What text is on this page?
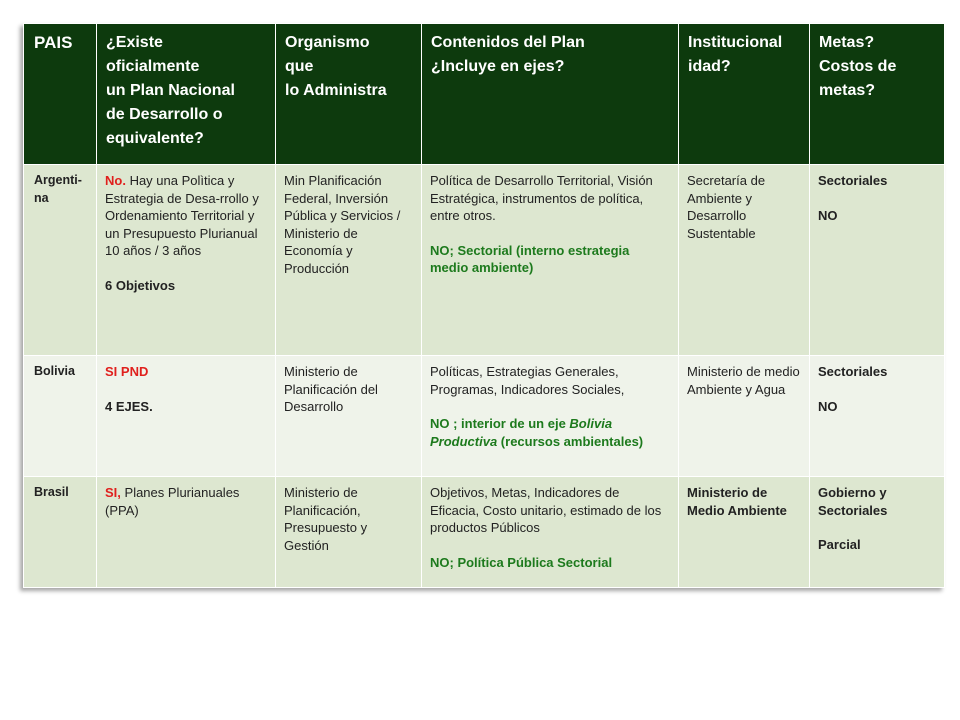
PAIS	¿Existe
oficialmente
un Plan Nacional
de Desarrollo o
equivalente?	Organismo
que
lo Administra	Contenidos del Plan
¿Incluye en ejes?	Institucional
idad?	Metas?
Costos de
metas?

Argenti-
na	No. Hay una Polìtica y Estrategia de Desa-rrollo y Ordenamiento Territorial y un Presupuesto Plurianual 10 años / 3 años
6 Objetivos	Min Planificación Federal, Inversión Pública y Servicios / Ministerio de Economía y Producción	Política de Desarrollo Territorial, Visión Estratégica, instrumentos de política, entre otros.
NO; Sectorial (interno estrategia medio ambiente)	Secretaría de Ambiente y Desarrollo Sustentable	Sectoriales
NO

Bolivia	SI PND
4 EJES.	Ministerio de Planificación del Desarrollo	Políticas, Estrategias Generales, Programas, Indicadores Sociales,
NO ; interior de un eje Bolivia Productiva (recursos ambientales)	Ministerio de medio Ambiente y Agua	Sectoriales
NO

Brasil	SI, Planes Plurianuales (PPA)	Ministerio de Planificación, Presupuesto y Gestión	Objetivos, Metas, Indicadores de Eficacia, Costo unitario, estimado de los productos Públicos
NO; Política Pública Sectorial	Ministerio de Medio Ambiente	Gobierno y Sectoriales
Parcial
